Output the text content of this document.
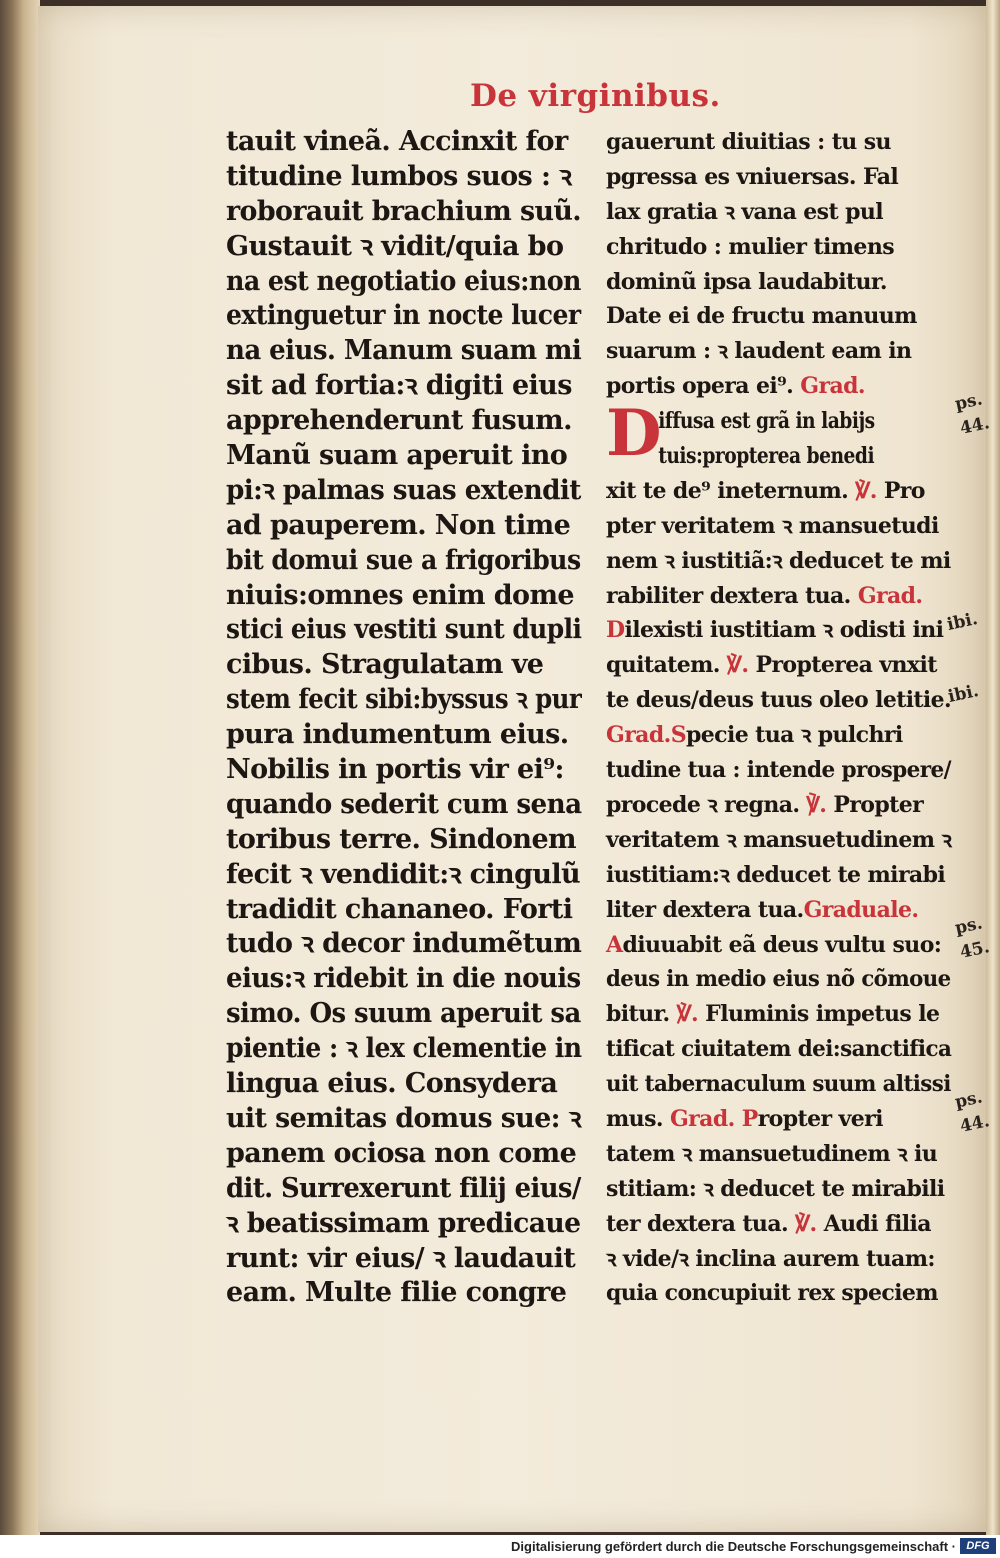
De virginibus.
tauit vineã. Accinxit for
titudine lumbos suos : ꝛ
roborauit brachium suũ.
Gustauit ꝛ vidit/quia bo
na est negotiatio eius:non
extinguetur in nocte lucer
na eius. Manum suam mi
sit ad fortia:ꝛ digiti eius
apprehenderunt fusum.
Manũ suam aperuit ino
pi:ꝛ palmas suas extendit
ad pauperem. Non time
bit domui sue a frigoribus
niuis:omnes enim dome
stici eius vestiti sunt dupli
cibus. Stragulatam ve
stem fecit sibi:byssus ꝛ pur
pura indumentum eius.
Nobilis in portis vir ei⁹:
quando sederit cum sena
toribus terre. Sindonem
fecit ꝛ vendidit:ꝛ cingulũ
tradidit chananeo. Forti
tudo ꝛ decor indumẽtum
eius:ꝛ ridebit in die nouis
simo. Os suum aperuit sa
pientie : ꝛ lex clementie in
lingua eius. Consydera
uit semitas domus sue: ꝛ
panem ociosa non come
dit. Surrexerunt filij eius/
ꝛ beatissimam predicaue
runt: vir eius/ ꝛ laudauit
eam. Multe filie congre
gauerunt diuitias : tu su
pgressa es vniuersas. Fal
lax gratia ꝛ vana est pul
chritudo : mulier timens
dominũ ipsa laudabitur.
Date ei de fructu manuum
suarum : ꝛ laudent eam in
portis opera ei⁹. Grad.
D
iffusa est grã in labijs
tuis:propterea benedi
xit te de⁹ ineternum. ℣. Pro
pter veritatem ꝛ mansuetudi
nem ꝛ iustitiã:ꝛ deducet te mi
rabiliter dextera tua. Grad.
Dilexisti iustitiam ꝛ odisti ini
quitatem. ℣. Propterea vnxit
te deus/deus tuus oleo letitie.
Grad.Specie tua ꝛ pulchri
tudine tua : intende prospere/
procede ꝛ regna. ℣. Propter
veritatem ꝛ mansuetudinem ꝛ
iustitiam:ꝛ deducet te mirabi
liter dextera tua.Graduale.
Adiuuabit eã deus vultu suo:
deus in medio eius nõ cõmoue
bitur. ℣. Fluminis impetus le
tificat ciuitatem dei:sanctifica
uit tabernaculum suum altissi
mus. Grad. Propter veri
tatem ꝛ mansuetudinem ꝛ iu
stitiam: ꝛ deducet te mirabili
ter dextera tua. ℣. Audi filia
ꝛ vide/ꝛ inclina aurem tuam:
quia concupiuit rex speciem
ps.
44.
ibi.
ibi.
ps.
45.
ps.
44.
Digitalisierung gefördert durch die Deutsche Forschungsgemeinschaft · DFG
